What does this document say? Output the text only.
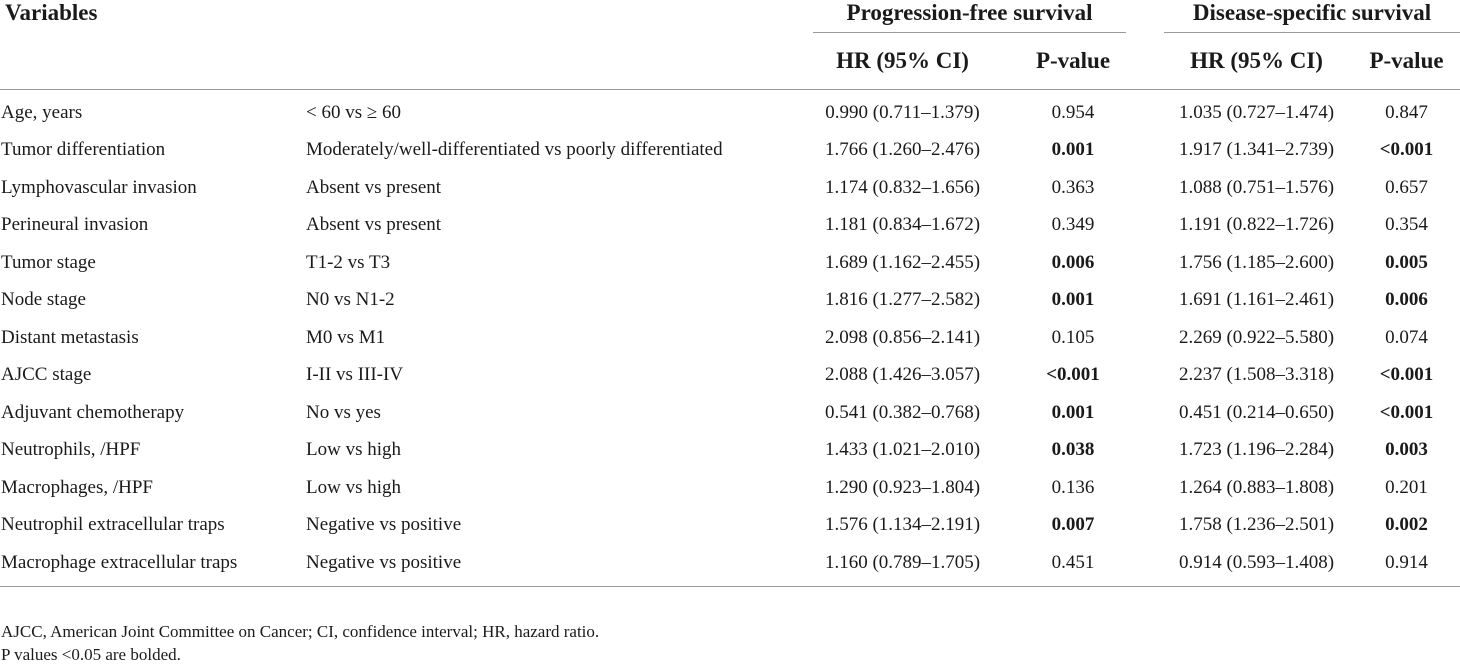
Variables		Progression-free survival			Disease-specific survival	

		HR (95% CI)	P-value		HR (95% CI)	P-value
Age, years	< 60 vs ≥ 60	0.990 (0.711–1.379)	0.954		1.035 (0.727–1.474)	0.847
Tumor differentiation	Moderately/well-differentiated vs poorly differentiated	1.766 (1.260–2.476)	0.001		1.917 (1.341–2.739)	<0.001
Lymphovascular invasion	Absent vs present	1.174 (0.832–1.656)	0.363		1.088 (0.751–1.576)	0.657
Perineural invasion	Absent vs present	1.181 (0.834–1.672)	0.349		1.191 (0.822–1.726)	0.354
Tumor stage	T1-2 vs T3	1.689 (1.162–2.455)	0.006		1.756 (1.185–2.600)	0.005
Node stage	N0 vs N1-2	1.816 (1.277–2.582)	0.001		1.691 (1.161–2.461)	0.006
Distant metastasis	M0 vs M1	2.098 (0.856–2.141)	0.105		2.269 (0.922–5.580)	0.074
AJCC stage	I-II vs III-IV	2.088 (1.426–3.057)	<0.001		2.237 (1.508–3.318)	<0.001
Adjuvant chemotherapy	No vs yes	0.541 (0.382–0.768)	0.001		0.451 (0.214–0.650)	<0.001
Neutrophils, /HPF	Low vs high	1.433 (1.021–2.010)	0.038		1.723 (1.196–2.284)	0.003
Macrophages, /HPF	Low vs high	1.290 (0.923–1.804)	0.136		1.264 (0.883–1.808)	0.201
Neutrophil extracellular traps	Negative vs positive	1.576 (1.134–2.191)	0.007		1.758 (1.236–2.501)	0.002
Macrophage extracellular traps	Negative vs positive	1.160 (0.789–1.705)	0.451		0.914 (0.593–1.408)	0.914
AJCC, American Joint Committee on Cancer; CI, confidence interval; HR, hazard ratio.
P values <0.05 are bolded.
